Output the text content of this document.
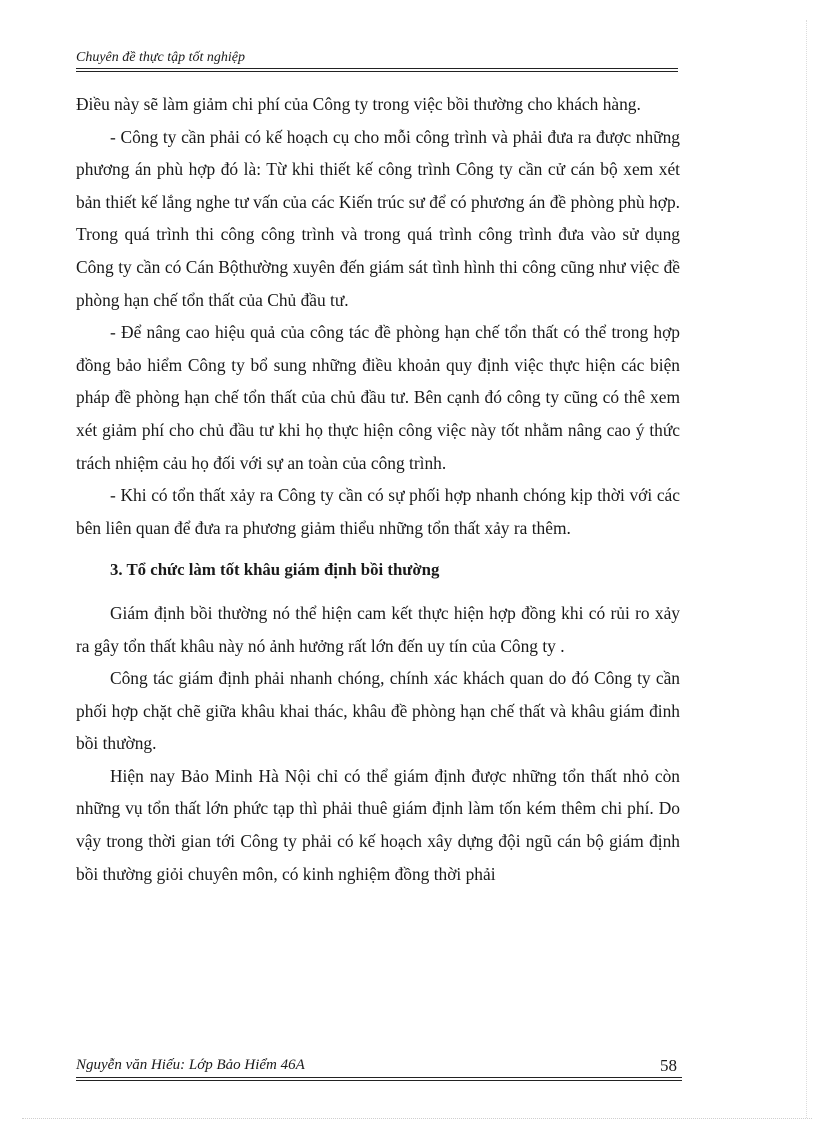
Chuyên đề thực tập tốt nghiệp

Điều này sẽ làm giảm chi phí của Công ty trong việc bồi thường cho khách hàng.

- Công ty cần phải có kế hoạch cụ cho mỗi công trình và phải đưa ra được những phương án phù hợp đó là: Từ khi thiết kế công trình Công ty cần cử cán bộ xem xét bản thiết kế lắng nghe tư vấn của các Kiến trúc sư để có phương án đề phòng phù hợp. Trong quá trình thi công công trình và trong quá trình công trình đưa vào sử dụng Công ty cần có Cán Bộthường xuyên đến giám sát tình hình thi công cũng như việc đề phòng hạn chế tổn thất của Chủ đầu tư.

- Để nâng cao hiệu quả của công tác đề phòng hạn chế tổn thất có thể trong hợp đồng bảo hiểm Công ty bổ sung những điều khoản quy định việc thực hiện các biện pháp đề phòng hạn chế tổn thất của chủ đầu tư. Bên cạnh đó công ty cũng có thê xem xét giảm phí cho chủ đầu tư khi họ thực hiện công việc này tốt nhằm nâng cao ý thức trách nhiệm cảu họ đối với sự an toàn của công trình.

- Khi có tổn thất xảy ra Công ty cần có sự phối hợp nhanh chóng kịp thời với các bên liên quan để đưa ra phương giảm thiểu những tổn thất xảy ra thêm.

3. Tổ chức làm tốt khâu giám định bồi thường

Giám định bồi thường nó thể hiện cam kết thực hiện hợp đồng khi có rủi ro xảy ra gây tổn thất khâu này nó ảnh hưởng rất lớn đến uy tín của Công ty .

Công tác giám định phải nhanh chóng, chính xác khách quan do đó Công ty cần phối hợp chặt chẽ giữa khâu khai thác, khâu đề phòng hạn chế thất và khâu giám đinh bồi thường.

Hiện nay Bảo Minh Hà Nội chỉ có thể giám định được những tổn thất nhỏ còn những vụ tổn thất lớn phức tạp thì phải thuê giám định làm tốn kém thêm chi phí. Do vậy trong thời gian tới Công ty phải có kế hoạch xây dựng đội ngũ cán bộ giám định bồi thường giỏi chuyên môn, có kinh nghiệm đồng thời phải

Nguyễn văn Hiếu: Lớp Bảo Hiểm 46A	58
